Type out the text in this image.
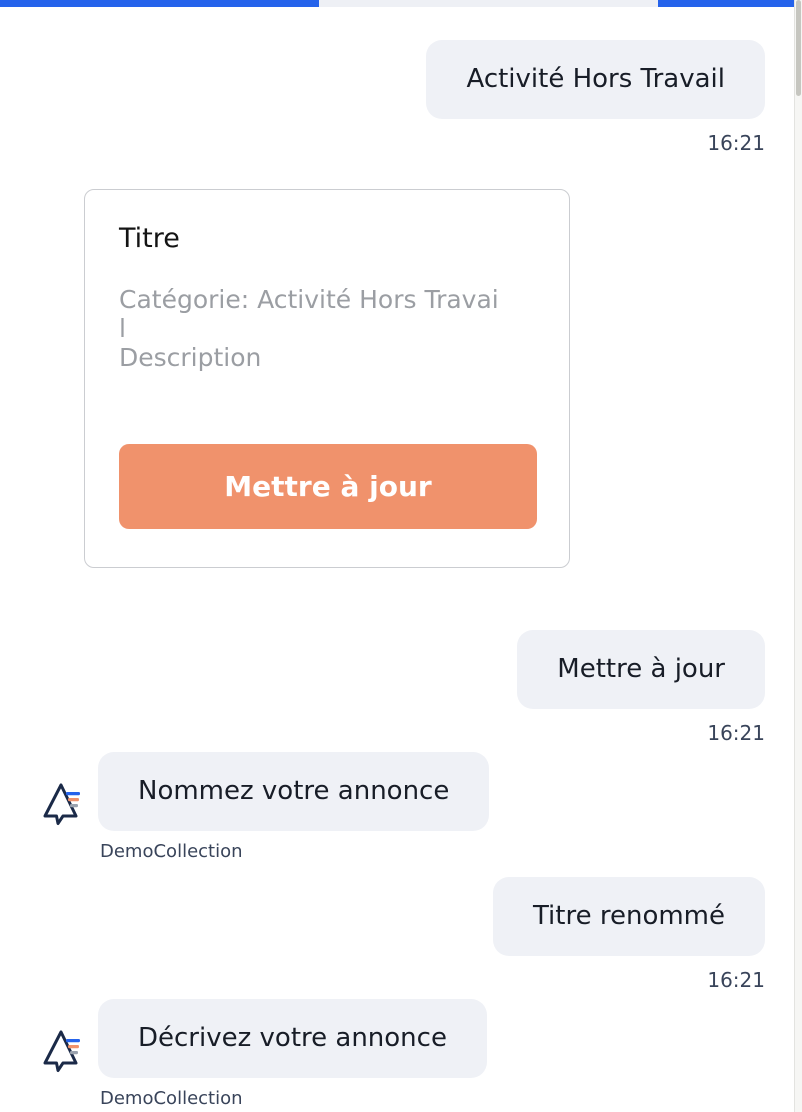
Activité Hors Travail
16:21
Titre
Catégorie: Activité Hors Travai
l
Description
Mettre à jour
Mettre à jour
16:21
Nommez votre annonce
DemoCollection
Titre renommé
16:21
Décrivez votre annonce
DemoCollection
